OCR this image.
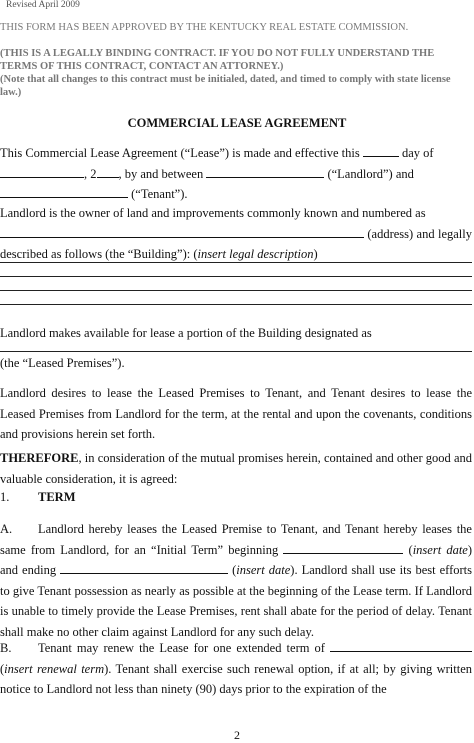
Revised April 2009
THIS FORM HAS BEEN APPROVED BY THE KENTUCKY REAL ESTATE COMMISSION.
(THIS IS A LEGALLY BINDING CONTRACT. IF YOU DO NOT FULLY UNDERSTAND THE TERMS OF THIS CONTRACT, CONTACT AN ATTORNEY.)
(Note that all changes to this contract must be initialed, dated, and timed to comply with state license law.)
COMMERCIAL LEASE AGREEMENT
This Commercial Lease Agreement (“Lease”) is made and effective this	day of
, 2 , by and between	(“Landlord”) and
(“Tenant”).
Landlord is the owner of land and improvements commonly known and numbered as
(address) and legally described as follows (the “Building”): (insert legal description)
Landlord makes available for lease a portion of the Building designated as
(the “Leased Premises”).
Landlord desires to lease the Leased Premises to Tenant, and Tenant desires to lease the Leased Premises from Landlord for the term, at the rental and upon the covenants, conditions and provisions herein set forth.
THEREFORE, in consideration of the mutual promises herein, contained and other good and valuable consideration, it is agreed:
1. TERM
A. Landlord hereby leases the Leased Premise to Tenant, and Tenant hereby leases the same from Landlord, for an “Initial Term” beginning	(insert date) and ending	(insert date). Landlord shall use its best efforts to give Tenant possession as nearly as possible at the beginning of the Lease term. If Landlord is unable to timely provide the Lease Premises, rent shall abate for the period of delay. Tenant shall make no other claim against Landlord for any such delay.
B. Tenant may renew the Lease for one extended term of  (insert renewal term). Tenant shall exercise such renewal option, if at all; by giving written notice to Landlord not less than ninety (90) days prior to the expiration of the
2
